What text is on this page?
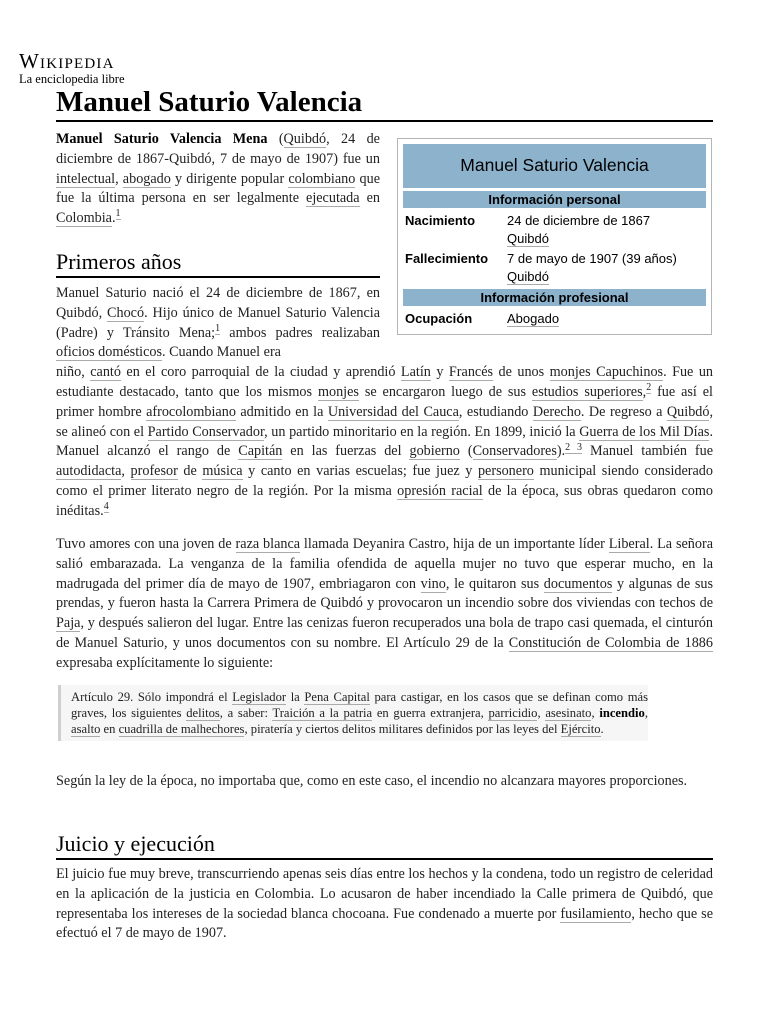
Wikipedia
La enciclopedia libre
Manuel Saturio Valencia

Manuel Saturio Valencia Mena (Quibdó, 24 de diciembre de 1867-Quibdó, 7 de mayo de 1907) fue un intelectual, abogado y dirigente popular colombiano que fue la última persona en ser legalmente ejecutada en Colombia.$^1$

Primeros años

Manuel Saturio nació el 24 de diciembre de 1867, en Quibdó, Chocó. Hijo único de Manuel Saturio Valencia (Padre) y Tránsito Mena;$^1$ ambos padres realizaban oficios domésticos. Cuando Manuel era

niño, cantó en el coro parroquial de la ciudad y aprendió Latín y Francés de unos monjes Capuchinos. Fue un estudiante destacado, tanto que los mismos monjes se encargaron luego de sus estudios superiores,$^2$ fue así el primer hombre afrocolombiano admitido en la Universidad del Cauca, estudiando Derecho. De regreso a Quibdó, se alineó con el Partido Conservador, un partido minoritario en la región. En 1899, inició la Guerra de los Mil Días. Manuel alcanzó el rango de Capitán en las fuerzas del gobierno (Conservadores).$^{2 3}$ Manuel también fue autodidacta, profesor de música y canto en varias escuelas; fue juez y personero municipal siendo considerado como el primer literato negro de la región. Por la misma opresión racial de la época, sus obras quedaron como inéditas.$^4$

Tuvo amores con una joven de raza blanca llamada Deyanira Castro, hija de un importante líder Liberal. La señora salió embarazada. La venganza de la familia ofendida de aquella mujer no tuvo que esperar mucho, en la madrugada del primer día de mayo de 1907, embriagaron con vino, le quitaron sus documentos y algunas de sus prendas, y fueron hasta la Carrera Primera de Quibdó y provocaron un incendio sobre dos viviendas con techos de Paja, y después salieron del lugar. Entre las cenizas fueron recuperados una bola de trapo casi quemada, el cinturón de Manuel Saturio, y unos documentos con su nombre. El Artículo 29 de la Constitución de Colombia de 1886 expresaba explícitamente lo siguiente:

Según la ley de la época, no importaba que, como en este caso, el incendio no alcanzara mayores proporciones.

Juicio y ejecución

El juicio fue muy breve, transcurriendo apenas seis días entre los hechos y la condena, todo un registro de celeridad en la aplicación de la justicia en Colombia. Lo acusaron de haber incendiado la Calle primera de Quibdó, que representaba los intereses de la sociedad blanca chocoana. Fue condenado a muerte por fusilamiento, hecho que se efectuó el 7 de mayo de 1907.

Artículo 29. Sólo impondrá el Legislador la Pena Capital para castigar, en los casos que se definan como más graves, los siguientes delitos, a saber: Traición a la patria en guerra extranjera, parricidio, asesinato, incendio, asalto en cuadrilla de malhechores, piratería y ciertos delitos militares definidos por las leyes del Ejército.
Manuel Saturio Valencia
Información personal
Nacimiento	24 de diciembre de 1867
Quibdó
Fallecimiento	7 de mayo de 1907 (39 años)
Quibdó
Información profesional
Ocupación	Abogado
